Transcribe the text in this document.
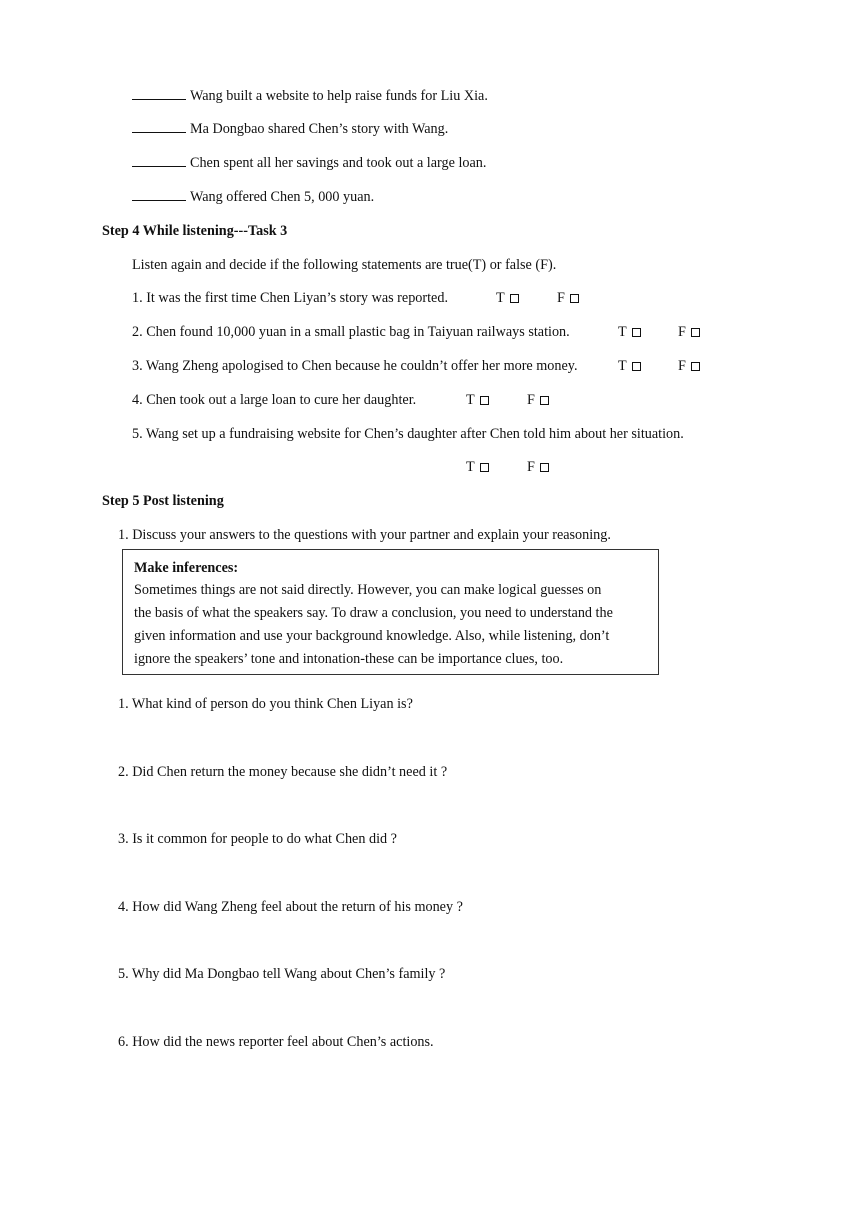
Wang built a website to help raise funds for Liu Xia.
Ma Dongbao shared Chen’s story with Wang.
Chen spent all her savings and took out a large loan.
Wang offered Chen 5, 000 yuan.
Step 4 While listening---Task 3
Listen again and decide if the following statements are true(T) or false (F).
1. It was the first time Chen Liyan’s story was reported.	T	F
2. Chen found 10,000 yuan in a small plastic bag in Taiyuan railways station.	T	F
3. Wang Zheng apologised to Chen because he couldn’t offer her more money.	T	F
4. Chen took out a large loan to cure her daughter.	T	F
5. Wang set up a fundraising website for Chen’s daughter after Chen told him about her situation.
T	F
Step 5 Post listening
1. Discuss your answers to the questions with your partner and explain your reasoning.
Make inferences:
Sometimes things are not said directly. However, you can make logical guesses on
the basis of what the speakers say. To draw a conclusion, you need to understand the
given information and use your background knowledge. Also, while listening, don’t
ignore the speakers’ tone and intonation-these can be importance clues, too.
1. What kind of person do you think Chen Liyan is?
2. Did Chen return the money because she didn’t need it ?
3. Is it common for people to do what Chen did ?
4. How did Wang Zheng feel about the return of his money ?
5. Why did Ma Dongbao tell Wang about Chen’s family ?
6. How did the news reporter feel about Chen’s actions.
